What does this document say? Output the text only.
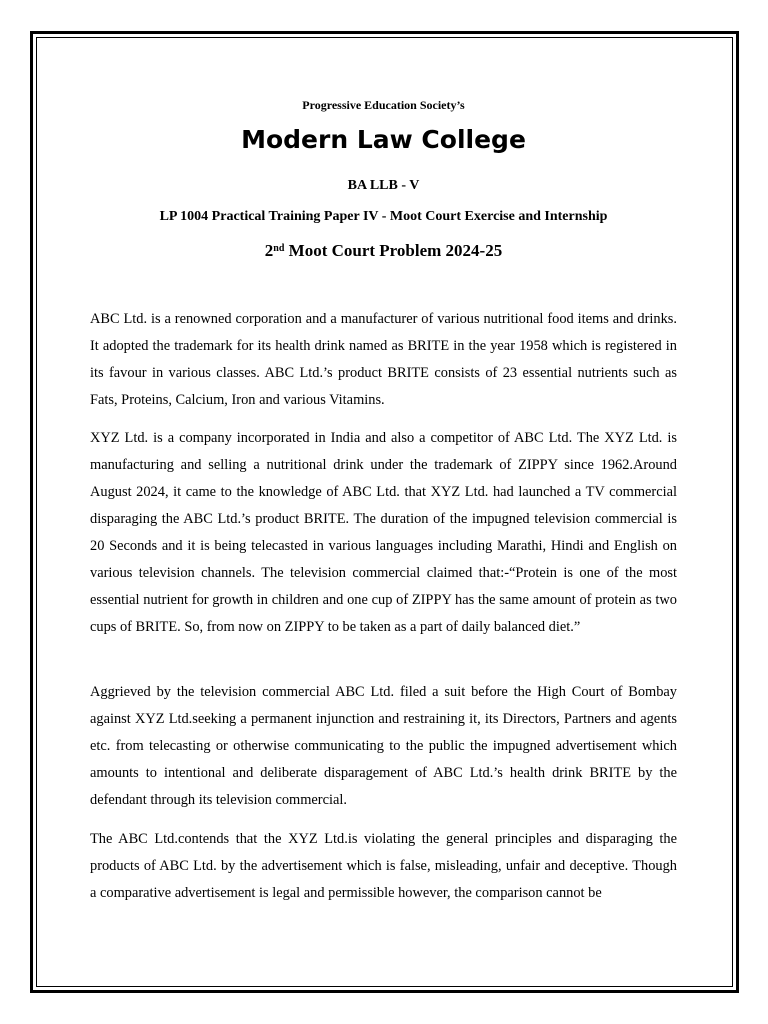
Progressive Education Society’s
Modern Law College
BA LLB - V
LP 1004 Practical Training Paper IV - Moot Court Exercise and Internship
2nd Moot Court Problem 2024-25

ABC Ltd. is a renowned corporation and a manufacturer of various nutritional food items and drinks. It adopted the trademark for its health drink named as BRITE in the year 1958 which is registered in its favour in various classes. ABC Ltd.’s product BRITE consists of 23 essential nutrients such as Fats, Proteins, Calcium, Iron and various Vitamins.

XYZ Ltd. is a company incorporated in India and also a competitor of ABC Ltd. The XYZ Ltd. is manufacturing and selling a nutritional drink under the trademark of ZIPPY since 1962.Around August 2024, it came to the knowledge of ABC Ltd. that XYZ Ltd. had launched a TV commercial disparaging the ABC Ltd.’s product BRITE. The duration of the impugned television commercial is 20 Seconds and it is being telecasted in various languages including Marathi, Hindi and English on various television channels. The television commercial claimed that:-“Protein is one of the most essential nutrient for growth in children and one cup of ZIPPY has the same amount of protein as two cups of BRITE. So, from now on ZIPPY to be taken as a part of daily balanced diet.”

Aggrieved by the television commercial ABC Ltd. filed a suit before the High Court of Bombay against XYZ Ltd.seeking a permanent injunction and restraining it, its Directors, Partners and agents etc. from telecasting or otherwise communicating to the public the impugned advertisement which amounts to intentional and deliberate disparagement of ABC Ltd.’s health drink BRITE by the defendant through its television commercial.

The ABC Ltd.contends that the XYZ Ltd.is violating the general principles and disparaging the products of ABC Ltd. by the advertisement which is false, misleading, unfair and deceptive. Though a comparative advertisement is legal and permissible however, the comparison cannot be
